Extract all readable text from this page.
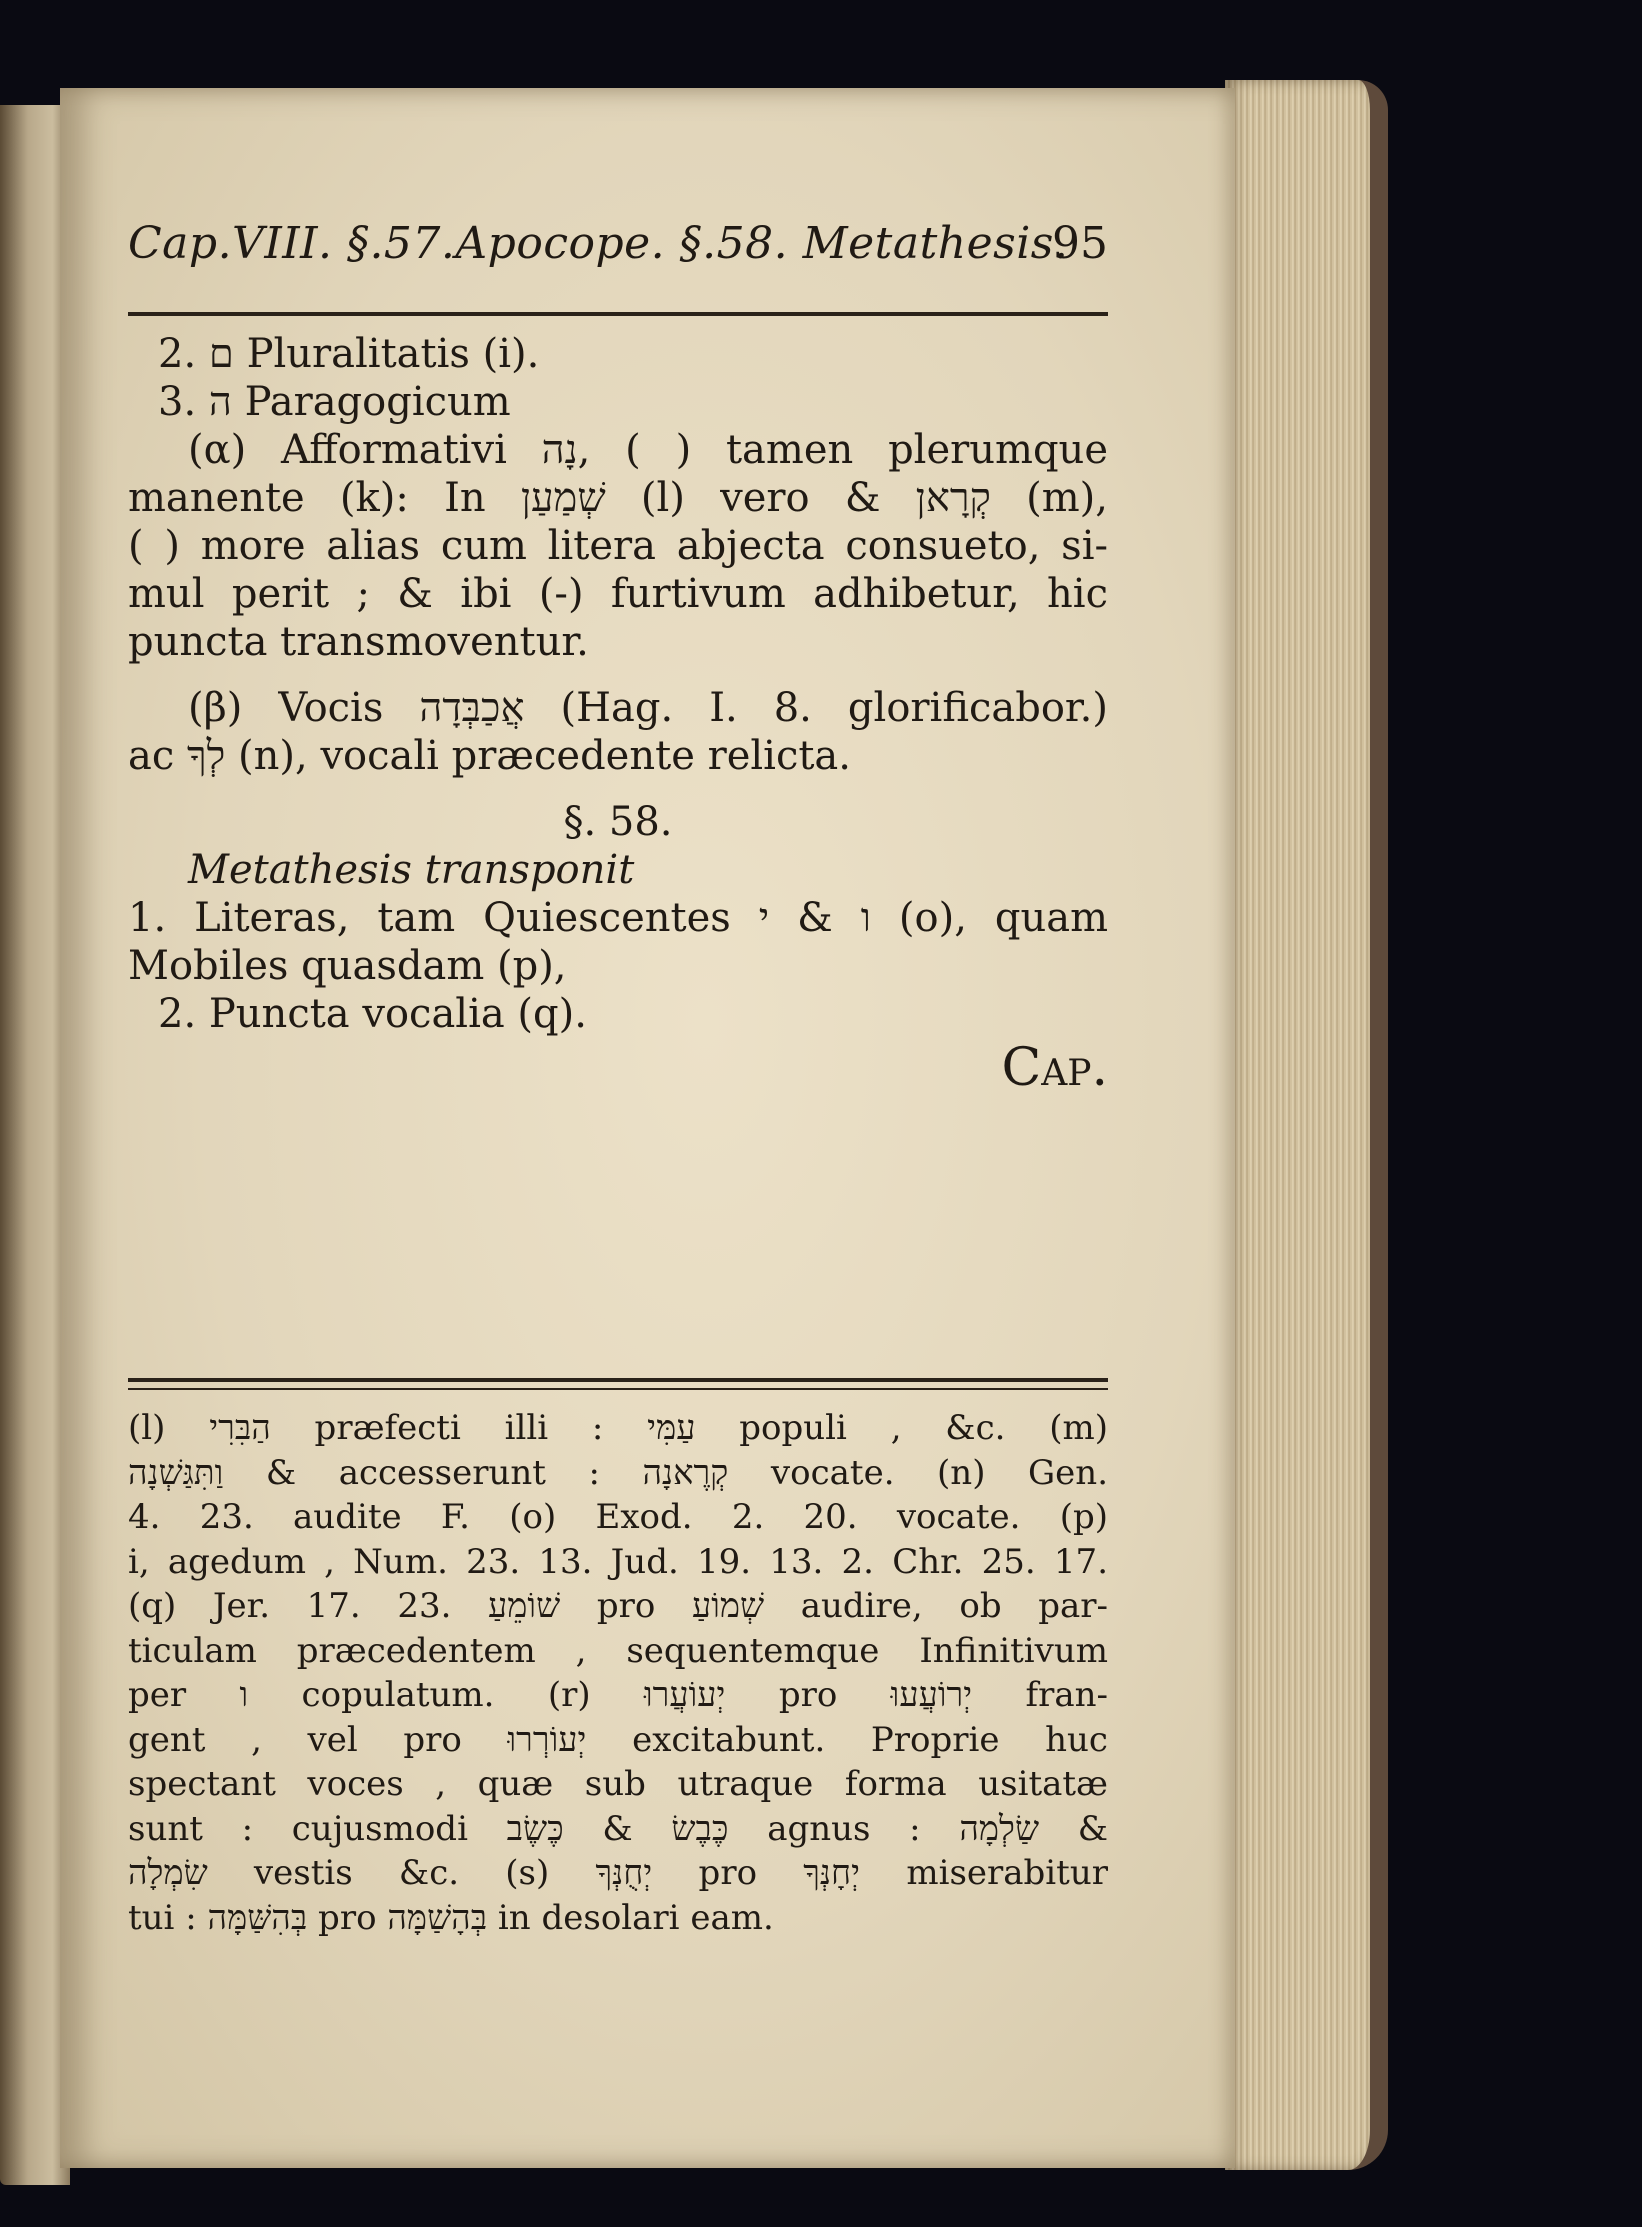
Cap.VIII. §.57.Apocope. §.58. Metathesis.
95
2. ם Pluralitatis (i).
3. ה Paragogicum
(α) Afformativi נָה, ( ) tamen plerumque
manente (k): In שְׁמַעַן (l) vero & קְרָאן (m),
( ) more alias cum litera abjecta consueto, si-
mul perit ; & ibi (-) furtivum adhibetur, hic
puncta transmoventur.
(β) Vocis אֲכַבְּדָה (Hag. I. 8. glorificabor.)
ac לְךָ (n), vocali præcedente relicta.
§. 58.
Metathesis transponit
1. Literas, tam Quiescentes ו & י (o), quam
Mobiles quasdam (p),
2. Puncta vocalia (q).
Cap.
(l) הַבִּרִי præfecti illi : עַמִּי populi , &c. (m)
וַתִּגַּשְׁנָה & accesserunt : קְרֶאנָה vocate. (n) Gen.
4. 23. audite F. (o) Exod. 2. 20. vocate. (p)
i, agedum , Num. 23. 13. Jud. 19. 13. 2. Chr. 25. 17.
(q) Jer. 17. 23. שׁוֹמֵעַ pro שְׁמוֹעַ audire, ob par-
ticulam præcedentem , sequentemque Infinitivum
per ו copulatum. (r) יְעוֹעֲרוּ pro יְרוֹעֲעוּ fran-
gent , vel pro יְעוֹרְרוּ excitabunt. Proprie huc
spectant voces , quæ sub utraque forma usitatæ
sunt : cujusmodi כֶּבֶשׂ & כֶּשֶׂב agnus : שַׂלְמָה &
שִׂמְלָה vestis &c. (s) יְחֻנְּךָ pro יְחָנְּךָ miserabitur
tui : בְּהִשַּׁמָּה pro בְּהָשַׁמָּה in desolari eam.
